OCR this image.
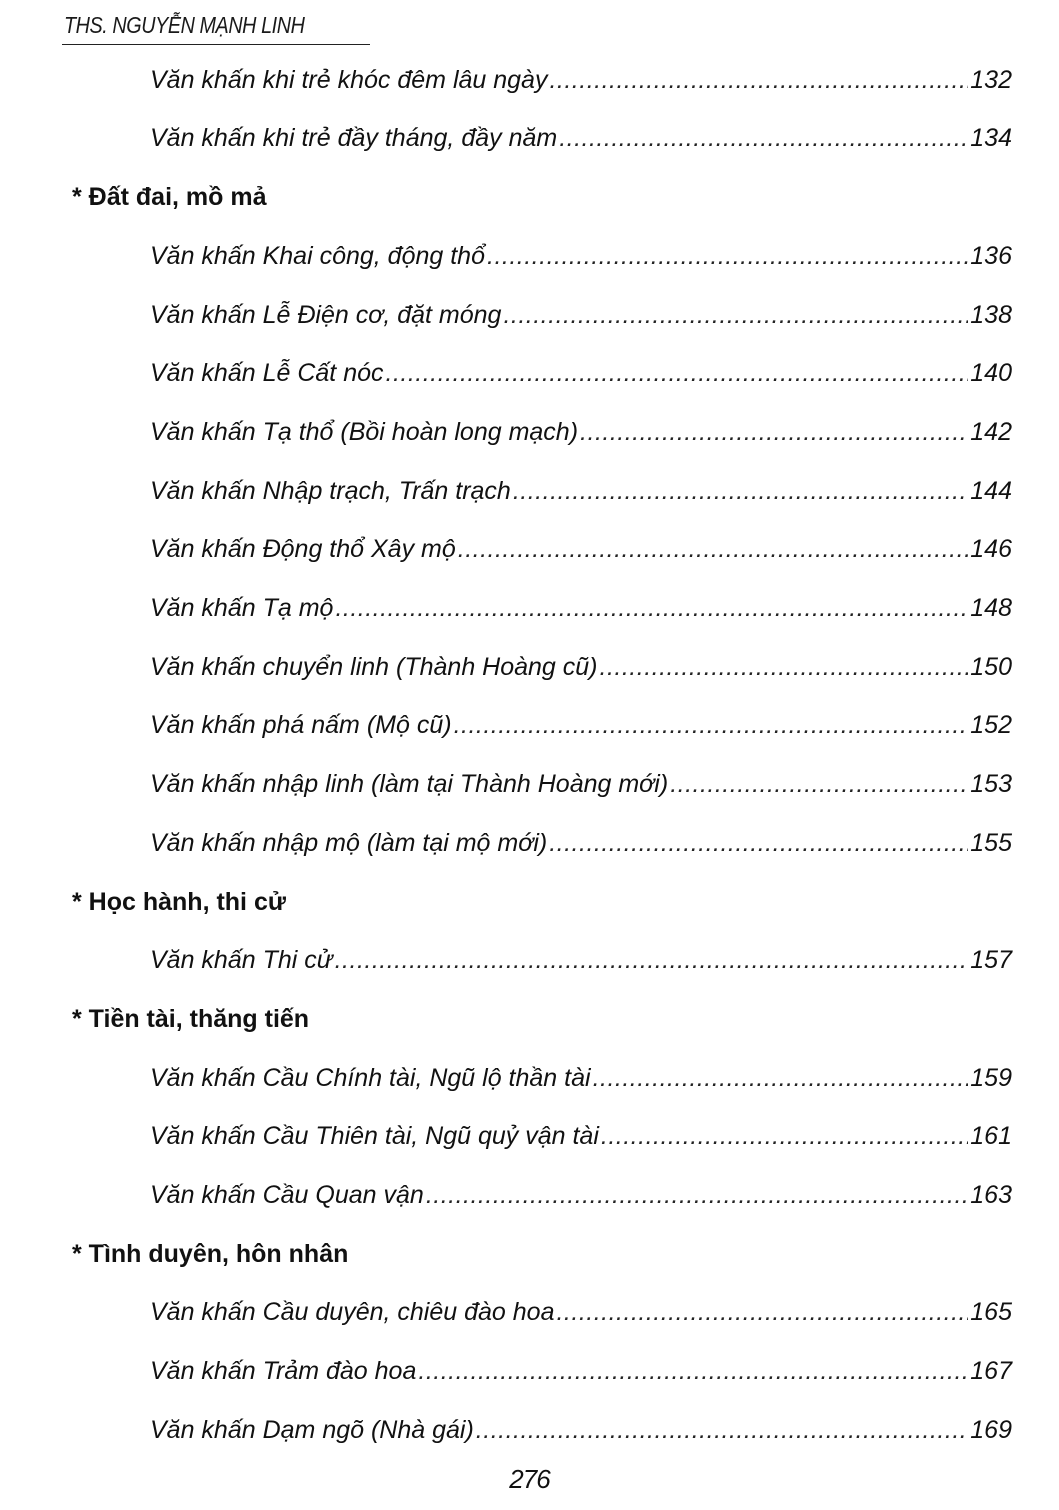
THS. NGUYỄN MẠNH LINH
Văn khấn khi trẻ khóc đêm lâu ngày .....	132
Văn khấn khi trẻ đầy tháng, đầy năm .....	134
* Đất đai, mồ mả
Văn khấn Khai công, động thổ .....	136
Văn khấn Lễ Điện cơ, đặt móng .....	138
Văn khấn Lễ Cất nóc .....	140
Văn khấn Tạ thổ (Bồi hoàn long mạch) .....	142
Văn khấn Nhập trạch, Trấn trạch .....	144
Văn khấn Động thổ Xây mộ .....	146
Văn khấn Tạ mộ .....	148
Văn khấn chuyển linh (Thành Hoàng cũ) .....	150
Văn khấn phá nấm (Mộ cũ) .....	152
Văn khấn nhập linh (làm tại Thành Hoàng mới) .....	153
Văn khấn nhập mộ (làm tại mộ mới) .....	155
* Học hành, thi cử
Văn khấn Thi cử .....	157
* Tiền tài, thăng tiến
Văn khấn Cầu Chính tài, Ngũ lộ thần tài .....	159
Văn khấn Cầu Thiên tài, Ngũ quỷ vận tài .....	161
Văn khấn Cầu Quan vận .....	163
* Tình duyên, hôn nhân
Văn khấn Cầu duyên, chiêu đào hoa .....	165
Văn khấn Trảm đào hoa .....	167
Văn khấn Dạm ngõ (Nhà gái) .....	169
276
